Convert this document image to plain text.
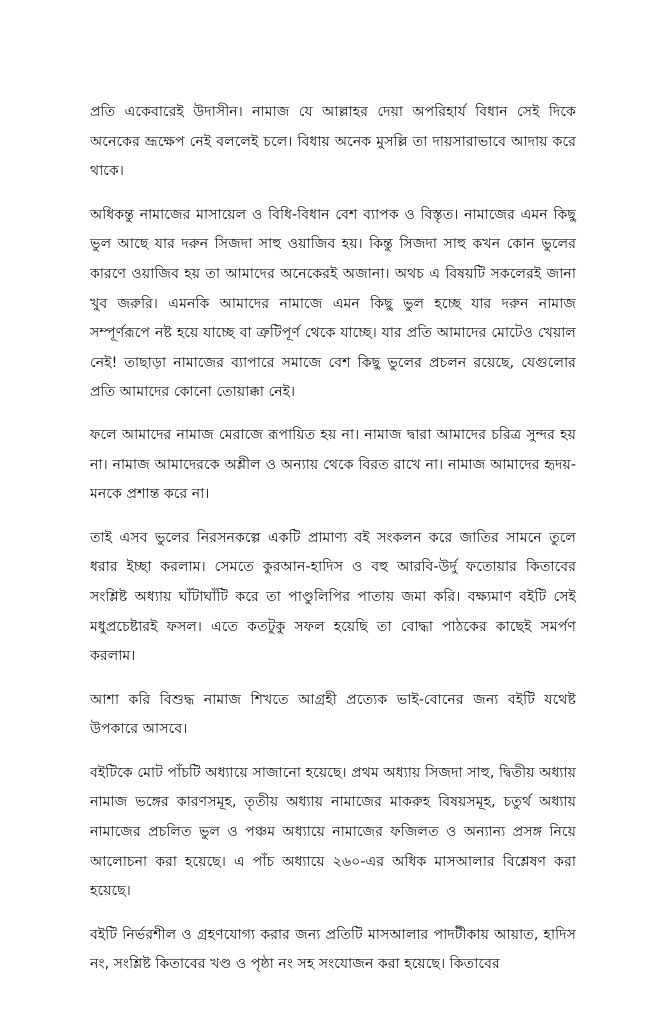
প্রতি একেবারেই উদাসীন। নামাজ যে আল্লাহর দেয়া অপরিহার্য বিধান সেই দিকে অনেকের ভ্রূক্ষেপ নেই বললেই চলে। বিধায় অনেক মুসল্লি তা দায়সারাভাবে আদায় করে থাকে।

অধিকন্তু নামাজের মাসায়েল ও বিধি-বিধান বেশ ব্যাপক ও বিস্তৃত। নামাজের এমন কিছু ভুল আছে যার দরুন সিজদা সাহু ওয়াজিব হয়। কিন্তু সিজদা সাহু কখন কোন ভুলের কারণে ওয়াজিব হয় তা আমাদের অনেকেরই অজানা। অথচ এ বিষয়টি সকলেরই জানা খুব জরুরি। এমনকি আমাদের নামাজে এমন কিছু ভুল হচ্ছে যার দরুন নামাজ সম্পূর্ণরূপে নষ্ট হয়ে যাচ্ছে বা ত্রুটিপূর্ণ থেকে যাচ্ছে। যার প্রতি আমাদের মোটেও খেয়াল নেই! তাছাড়া নামাজের ব্যাপারে সমাজে বেশ কিছু ভুলের প্রচলন রয়েছে, যেগুলোর প্রতি আমাদের কোনো তোয়াক্কা নেই।

ফলে আমাদের নামাজ মেরাজে রূপায়িত হয় না। নামাজ দ্বারা আমাদের চরিত্র সুন্দর হয় না। নামাজ আমাদেরকে অশ্লীল ও অন্যায় থেকে বিরত রাখে না। নামাজ আমাদের হৃদয়-মনকে প্রশান্ত করে না।

তাই এসব ভুলের নিরসনকল্পে একটি প্রামাণ্য বই সংকলন করে জাতির সামনে তুলে ধরার ইচ্ছা করলাম। সেমতে কুরআন-হাদিস ও বহু আরবি-উর্দু ফতোয়ার কিতাবের সংশ্লিষ্ট অধ্যায় ঘাঁটাঘাঁটি করে তা পাণ্ডুলিপির পাতায় জমা করি। বক্ষ্যমাণ বইটি সেই মধুপ্রচেষ্টারই ফসল। এতে কতটুকু সফল হয়েছি তা বোদ্ধা পাঠকের কাছেই সমর্পণ করলাম।

আশা করি বিশুদ্ধ নামাজ শিখতে আগ্রহী প্রত্যেক ভাই-বোনের জন্য বইটি যথেষ্ট উপকারে আসবে।

বইটিকে মোট পাঁচটি অধ্যায়ে সাজানো হয়েছে। প্রথম অধ্যায় সিজদা সাহু, দ্বিতীয় অধ্যায় নামাজ ভঙ্গের কারণসমূহ, তৃতীয় অধ্যায় নামাজের মাকরুহ বিষয়সমূহ, চতুর্থ অধ্যায় নামাজের প্রচলিত ভুল ও পঞ্চম অধ্যায়ে নামাজের ফজিলত ও অন্যান্য প্রসঙ্গ নিয়ে আলোচনা করা হয়েছে। এ পাঁচ অধ্যায়ে ২৬০-এর অধিক মাসআলার বিশ্লেষণ করা হয়েছে।

বইটি নির্ভরশীল ও গ্রহণযোগ্য করার জন্য প্রতিটি মাসআলার পাদটীকায় আয়াত, হাদিস নং, সংশ্লিষ্ট কিতাবের খণ্ড ও পৃষ্ঠা নং সহ সংযোজন করা হয়েছে। কিতাবের
